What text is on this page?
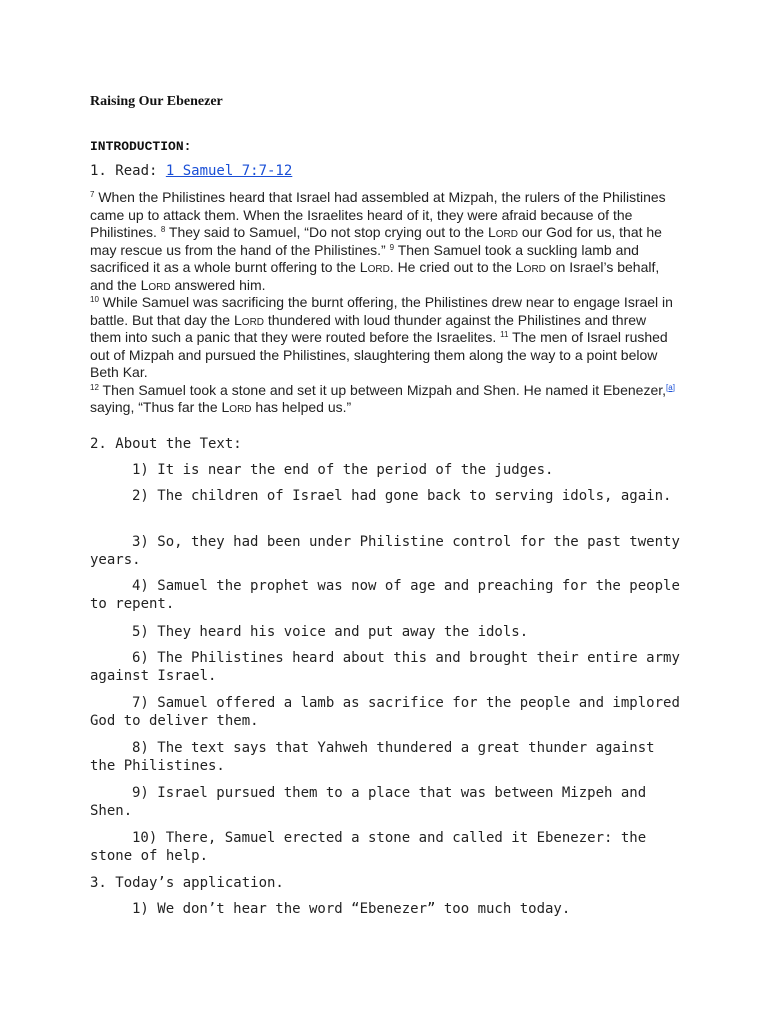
Raising Our Ebenezer
INTRODUCTION:
1. Read: 1 Samuel 7:7-12
$^7$ When the Philistines heard that Israel had assembled at Mizpah, the rulers of the Philistines came up to attack them. When the Israelites heard of it, they were afraid because of the Philistines. $^8$ They said to Samuel, “Do not stop crying out to the Lord our God for us, that he may rescue us from the hand of the Philistines.” $^9$ Then Samuel took a suckling lamb and sacrificed it as a whole burnt offering to the Lord. He cried out to the Lord on Israel’s behalf, and the Lord answered him.
$^{10}$ While Samuel was sacrificing the burnt offering, the Philistines drew near to engage Israel in battle. But that day the Lord thundered with loud thunder against the Philistines and threw them into such a panic that they were routed before the Israelites. $^{11}$ The men of Israel rushed out of Mizpah and pursued the Philistines, slaughtering them along the way to a point below Beth Kar.
$^{12}$ Then Samuel took a stone and set it up between Mizpah and Shen. He named it Ebenezer,[a] saying, “Thus far the Lord has helped us.”
2. About the Text:
1) It is near the end of the period of the judges.
2) The children of Israel had gone back to serving idols, again.
3) So, they had been under Philistine control for the past twenty years.
4) Samuel the prophet was now of age and preaching for the people to repent.
5) They heard his voice and put away the idols.
6) The Philistines heard about this and brought their entire army against Israel.
7) Samuel offered a lamb as sacrifice for the people and implored God to deliver them.
8) The text says that Yahweh thundered a great thunder against the Philistines.
9) Israel pursued them to a place that was between Mizpeh and Shen.
10) There, Samuel erected a stone and called it Ebenezer: the stone of help.
3. Today’s application.
1) We don’t hear the word “Ebenezer” too much today.
